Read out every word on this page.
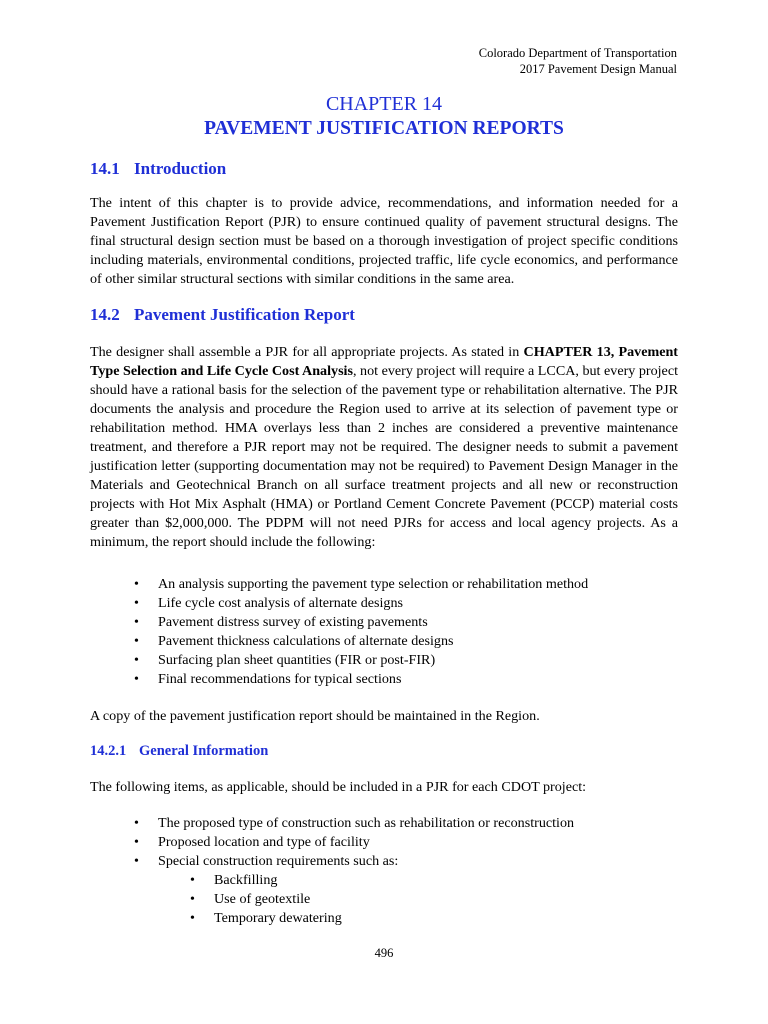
Colorado Department of Transportation
2017 Pavement Design Manual
CHAPTER 14
PAVEMENT JUSTIFICATION REPORTS
14.1 Introduction

The intent of this chapter is to provide advice, recommendations, and information needed for a Pavement Justification Report (PJR) to ensure continued quality of pavement structural designs. The final structural design section must be based on a thorough investigation of project specific conditions including materials, environmental conditions, projected traffic, life cycle economics, and performance of other similar structural sections with similar conditions in the same area.

14.2 Pavement Justification Report

The designer shall assemble a PJR for all appropriate projects. As stated in CHAPTER 13, Pavement Type Selection and Life Cycle Cost Analysis, not every project will require a LCCA, but every project should have a rational basis for the selection of the pavement type or rehabilitation alternative. The PJR documents the analysis and procedure the Region used to arrive at its selection of pavement type or rehabilitation method. HMA overlays less than 2 inches are considered a preventive maintenance treatment, and therefore a PJR report may not be required. The designer needs to submit a pavement justification letter (supporting documentation may not be required) to Pavement Design Manager in the Materials and Geotechnical Branch on all surface treatment projects and all new or reconstruction projects with Hot Mix Asphalt (HMA) or Portland Cement Concrete Pavement (PCCP) material costs greater than $2,000,000. The PDPM will not need PJRs for access and local agency projects. As a minimum, the report should include the following:

• An analysis supporting the pavement type selection or rehabilitation method
• Life cycle cost analysis of alternate designs
• Pavement distress survey of existing pavements
• Pavement thickness calculations of alternate designs
• Surfacing plan sheet quantities (FIR or post-FIR)
• Final recommendations for typical sections

A copy of the pavement justification report should be maintained in the Region.

14.2.1 General Information

The following items, as applicable, should be included in a PJR for each CDOT project:

• The proposed type of construction such as rehabilitation or reconstruction
• Proposed location and type of facility
• Special construction requirements such as:
• Backfilling
• Use of geotextile
• Temporary dewatering
496
